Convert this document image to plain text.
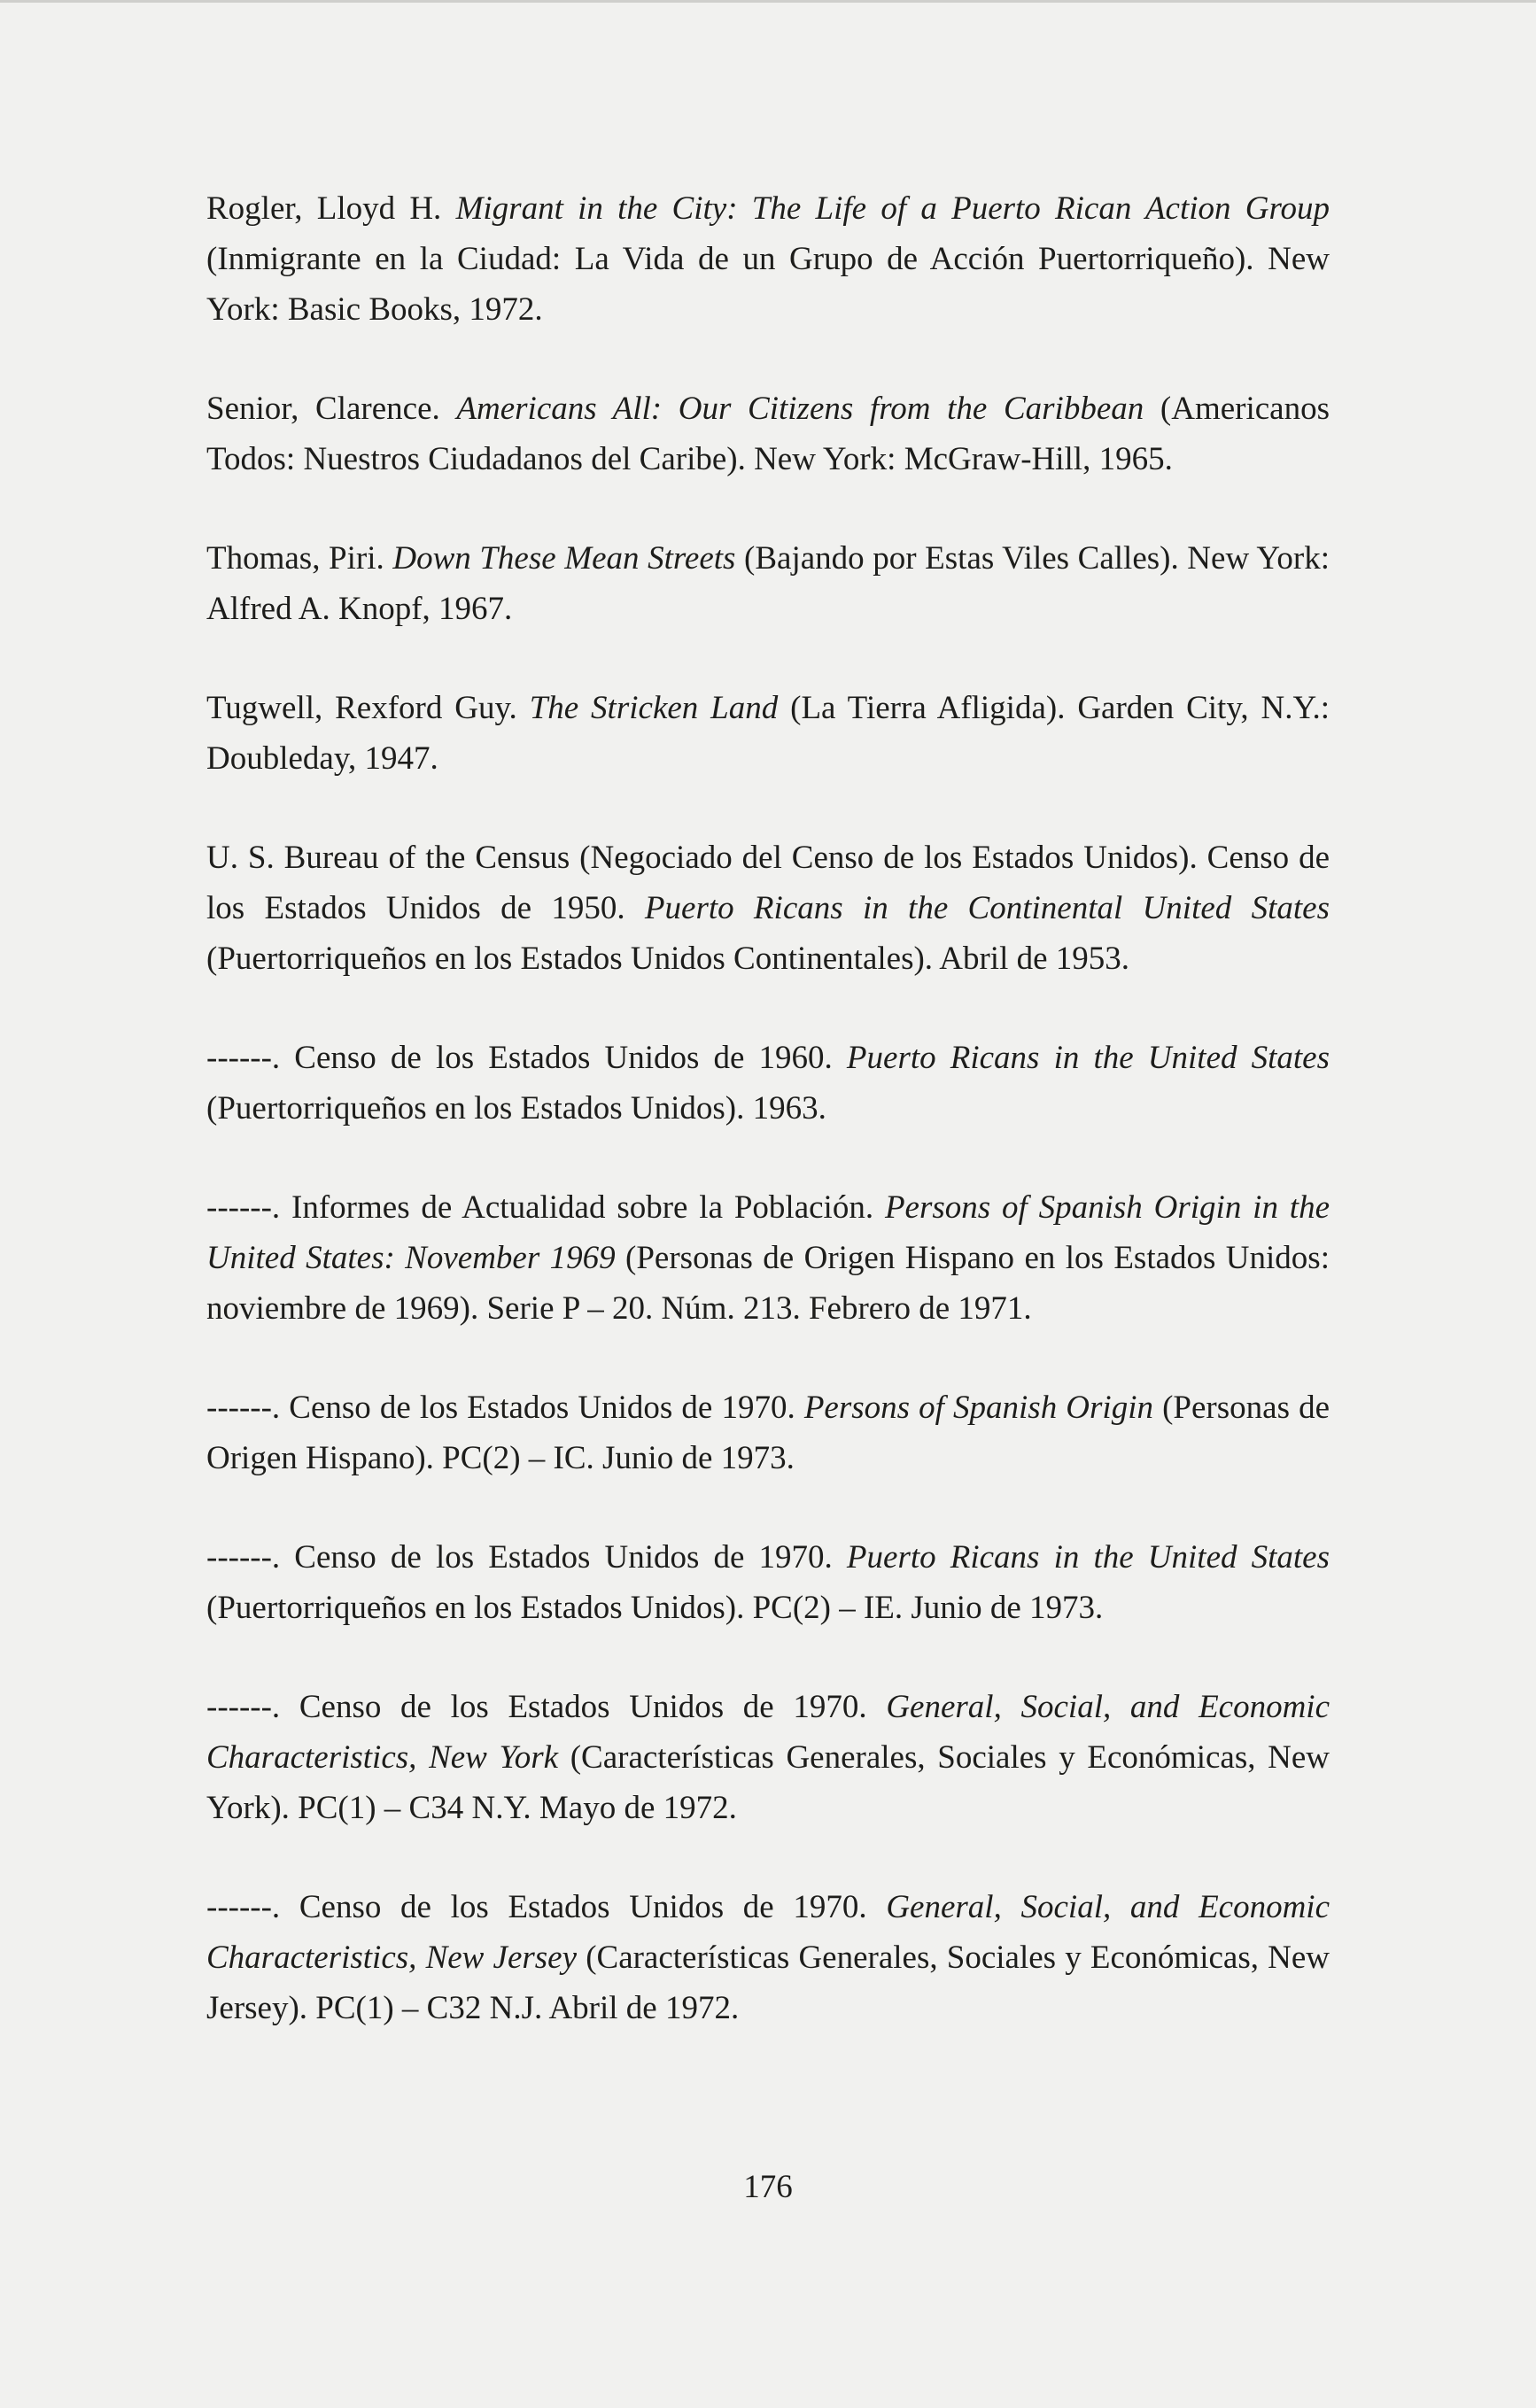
Rogler, Lloyd H. Migrant in the City: The Life of a Puerto Rican Action Group (Inmigrante en la Ciudad: La Vida de un Grupo de Acción Puertorriqueño). New York: Basic Books, 1972.

Senior, Clarence. Americans All: Our Citizens from the Caribbean (Americanos Todos: Nuestros Ciudadanos del Caribe). New York: McGraw-Hill, 1965.

Thomas, Piri. Down These Mean Streets (Bajando por Estas Viles Calles). New York: Alfred A. Knopf, 1967.

Tugwell, Rexford Guy. The Stricken Land (La Tierra Afligida). Garden City, N.Y.: Doubleday, 1947.

U. S. Bureau of the Census (Negociado del Censo de los Estados Unidos). Censo de los Estados Unidos de 1950. Puerto Ricans in the Continental United States (Puertorriqueños en los Estados Unidos Continentales). Abril de 1953.

------. Censo de los Estados Unidos de 1960. Puerto Ricans in the United States (Puertorriqueños en los Estados Unidos). 1963.

------. Informes de Actualidad sobre la Población. Persons of Spanish Origin in the United States: November 1969 (Personas de Origen Hispano en los Estados Unidos: noviembre de 1969). Serie P – 20. Núm. 213. Febrero de 1971.

------. Censo de los Estados Unidos de 1970. Persons of Spanish Origin (Personas de Origen Hispano). PC(2) – IC. Junio de 1973.

------. Censo de los Estados Unidos de 1970. Puerto Ricans in the United States (Puertorriqueños en los Estados Unidos). PC(2) – IE. Junio de 1973.

------. Censo de los Estados Unidos de 1970. General, Social, and Economic Characteristics, New York (Características Generales, Sociales y Económicas, New York). PC(1) – C34 N.Y. Mayo de 1972.

------. Censo de los Estados Unidos de 1970. General, Social, and Economic Characteristics, New Jersey (Características Generales, Sociales y Económicas, New Jersey). PC(1) – C32 N.J. Abril de 1972.

176
